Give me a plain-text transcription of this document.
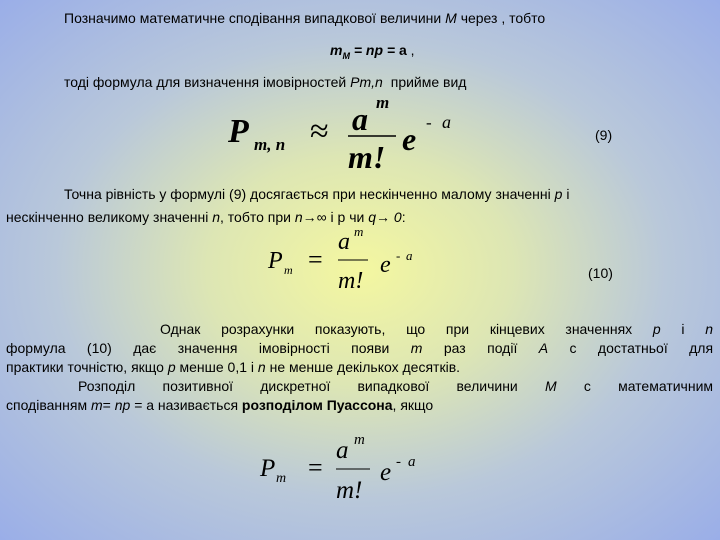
Позначимо математичне сподівання випадкової величини M через , тобто
$m_M$ = np = a ,
тоді формула для визначення імовірностей Pm,n прийме вид
P m, n ≈ a m
m! e - a
(9)
Точна рівність у формулі (9) досягається при нескінченно малому значенні p і
нескінченно великому значенні n, тобто при n→∞ і р чи q→ 0:
P m =
a m
m!
e - a
(10)
Однак розрахунки показують, що при кінцевих значеннях p і n
формула (10) дає значення імовірності появи m раз події A с достатньої для
практики точністю, якщо p менше 0,1 і n не менше декількох десятків.
Розподіл позитивної дискретної випадкової величини M с математичним
сподіванням m= np = а називається розподілом Пуассона, якщо
P m =
a m
m!
e - a
